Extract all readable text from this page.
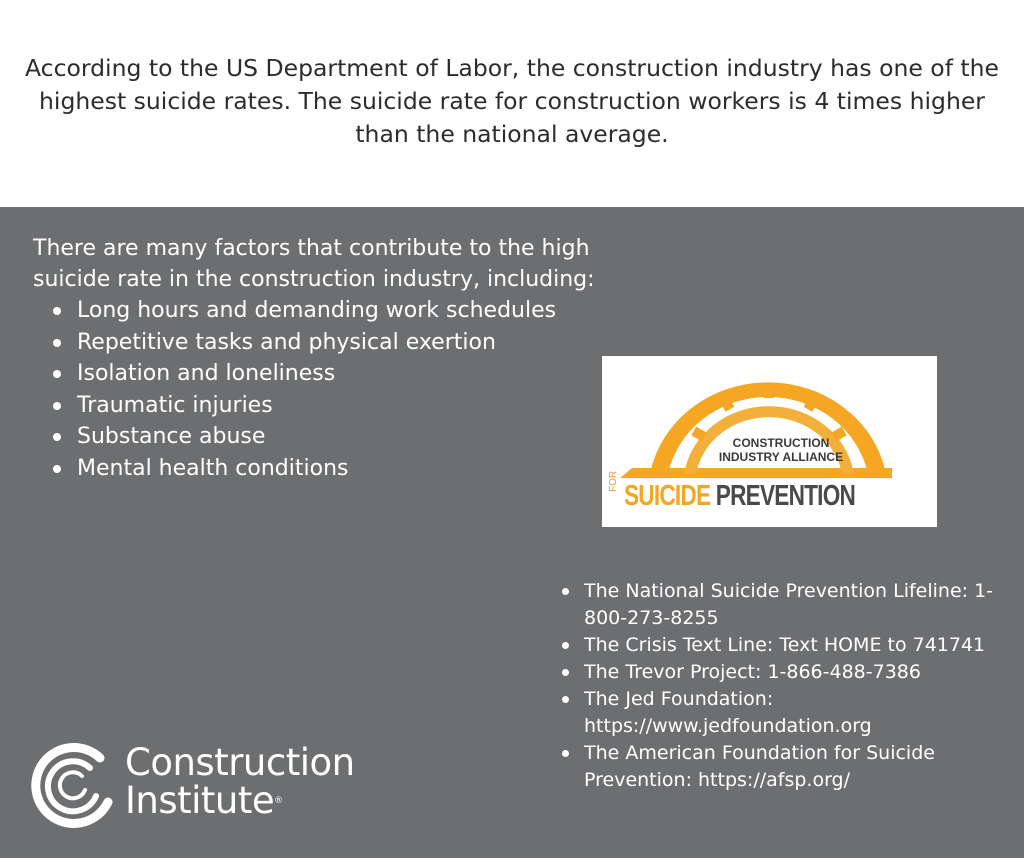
According to the US Department of Labor, the construction industry has one of the highest suicide rates. The suicide rate for construction workers is 4 times higher than the national average.

There are many factors that contribute to the high suicide rate in the construction industry, including:

Long hours and demanding work schedules
Repetitive tasks and physical exertion
Isolation and loneliness
Traumatic injuries
Substance abuse
Mental health conditions

CONSTRUCTION
INDUSTRY ALLIANCE

FOR SUICIDE PREVENTION
The National Suicide Prevention Lifeline: 1-800-273-8255
The Crisis Text Line: Text HOME to 741741
The Trevor Project: 1-866-488-7386
The Jed Foundation: https://www.jedfoundation.org
The American Foundation for Suicide Prevention: https://afsp.org/

Construction
Institute®
